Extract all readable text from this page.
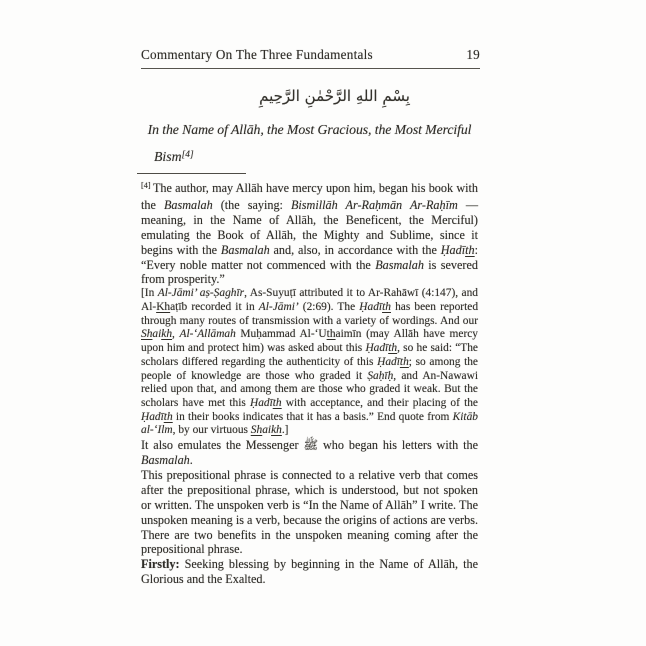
Commentary On The Three Fundamentals	19
بِسْمِ اللهِ الرَّحْمٰنِ الرَّحِيمِ
In the Name of Allāh, the Most Gracious, the Most Merciful
Bism[4]

[4] The author, may Allāh have mercy upon him, began his book with the Basmalah (the saying: Bismillāh Ar-Raḥmān Ar-Raḥīm — meaning, in the Name of Allāh, the Beneficent, the Merciful) emulating the Book of Allāh, the Mighty and Sublime, since it begins with the Basmalah and, also, in accordance with the Ḥadīth: “Every noble matter not commenced with the Basmalah is severed from prosperity.”

[In Al-Jāmi’ aṣ-Ṣaghīr, As-Suyuṭī attributed it to Ar-Rahāwī (4:147), and Al-Khaṭīb recorded it in Al-Jāmi’ (2:69). The Ḥadīth has been reported through many routes of transmission with a variety of wordings. And our Shaikh, Al-‘Allāmah Muḥammad Al-‘Uthaimīn (may Allāh have mercy upon him and protect him) was asked about this Ḥadīth, so he said: “The scholars differed regarding the authenticity of this Ḥadīth; so among the people of knowledge are those who graded it Ṣaḥīḥ, and An-Nawawi relied upon that, and among them are those who graded it weak. But the scholars have met this Ḥadīth with acceptance, and their placing of the Ḥadīth in their books indicates that it has a basis.” End quote from Kitāb al-‘Ilm, by our virtuous Shaikh.]

It also emulates the Messenger ﷺ who began his letters with the Basmalah.

This prepositional phrase is connected to a relative verb that comes after the prepositional phrase, which is understood, but not spoken or written. The unspoken verb is “In the Name of Allāh” I write. The unspoken meaning is a verb, because the origins of actions are verbs. There are two benefits in the unspoken meaning coming after the prepositional phrase.

Firstly: Seeking blessing by beginning in the Name of Allāh, the Glorious and the Exalted.
